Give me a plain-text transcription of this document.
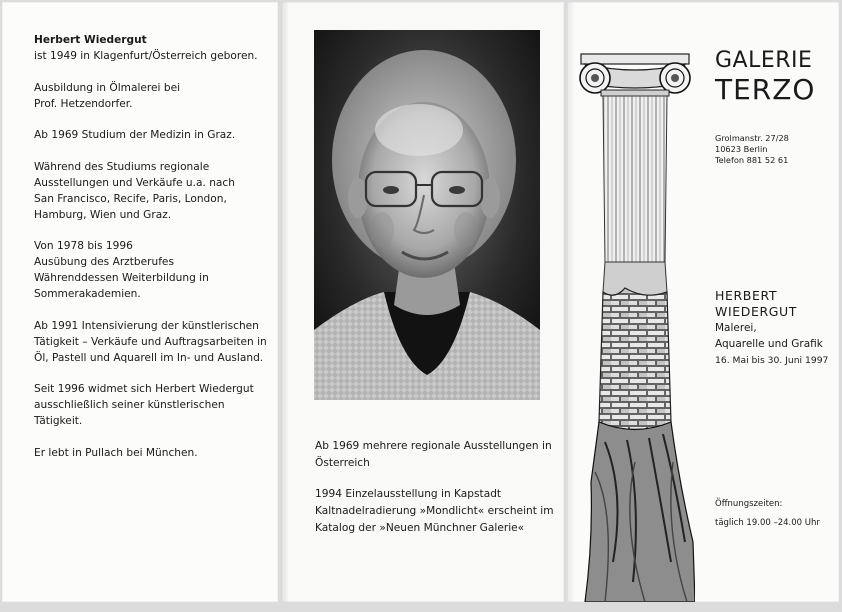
Herbert Wiedergut

ist 1949 in Klagenfurt/Österreich geboren.

Ausbildung in Ölmalerei bei
Prof. Hetzendorfer.

Ab 1969 Studium der Medizin in Graz.

Während des Studiums regionale
Ausstellungen und Verkäufe u.a. nach
San Francisco, Recife, Paris, London,
Hamburg, Wien und Graz.

Von 1978 bis 1996
Ausübung des Arztberufes
Währenddessen Weiterbildung in
Sommerakademien.

Ab 1991 Intensivierung der künstlerischen
Tätigkeit – Verkäufe und Auftragsarbeiten in
Öl, Pastell und Aquarell im In- und Ausland.

Seit 1996 widmet sich Herbert Wiedergut
ausschließlich seiner künstlerischen Tätigkeit.

Er lebt in Pullach bei München.

Ab 1969 mehrere regionale Ausstellungen in
Österreich

1994 Einzelausstellung in Kapstadt
Kaltnadelradierung »Mondlicht« erscheint im
Katalog der »Neuen Münchner Galerie«

GALERIE
TERZO
Grolmanstr. 27/28
10623 Berlin
Telefon 881 52 61
HERBERT
WIEDERGUT
Malerei,
Aquarelle und Grafik
16. Mai bis 30. Juni 1997
Öffnungszeiten:
täglich 19.00 –24.00 Uhr
